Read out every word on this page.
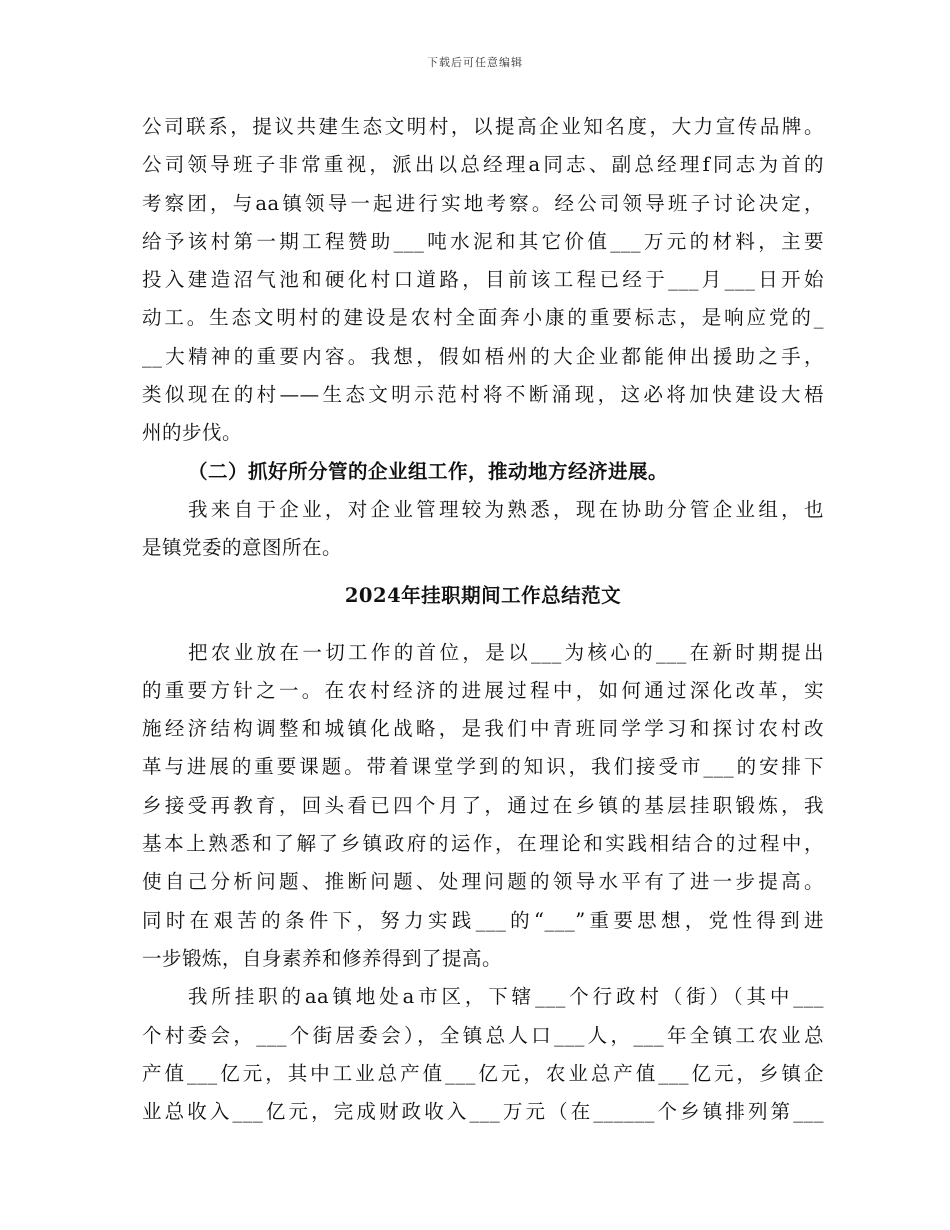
下载后可任意编辑
公司联系，提议共建生态文明村，以提高企业知名度，大力宣传品牌。
公司领导班子非常重视，派出以总经理a同志、副总经理f同志为首的
考察团，与aa镇领导一起进行实地考察。经公司领导班子讨论决定，
给予该村第一期工程赞助___吨水泥和其它价值___万元的材料，主要
投入建造沼气池和硬化村口道路，目前该工程已经于___月___日开始
动工。生态文明村的建设是农村全面奔小康的重要标志，是响应党的_
__大精神的重要内容。我想，假如梧州的大企业都能伸出援助之手，
类似现在的村——生态文明示范村将不断涌现，这必将加快建设大梧
州的步伐。
（二）抓好所分管的企业组工作，推动地方经济进展。
我来自于企业，对企业管理较为熟悉，现在协助分管企业组，也
是镇党委的意图所在。
2024年挂职期间工作总结范文
把农业放在一切工作的首位，是以___为核心的___在新时期提出
的重要方针之一。在农村经济的进展过程中，如何通过深化改革，实
施经济结构调整和城镇化战略，是我们中青班同学学习和探讨农村改
革与进展的重要课题。带着课堂学到的知识，我们接受市___的安排下
乡接受再教育，回头看已四个月了，通过在乡镇的基层挂职锻炼，我
基本上熟悉和了解了乡镇政府的运作，在理论和实践相结合的过程中，
使自己分析问题、推断问题、处理问题的领导水平有了进一步提高。
同时在艰苦的条件下，努力实践___的“___”重要思想，党性得到进
一步锻炼，自身素养和修养得到了提高。
我所挂职的aa镇地处a市区，下辖___个行政村（街）（其中___
个村委会，___个街居委会），全镇总人口___人，___年全镇工农业总
产值___亿元，其中工业总产值___亿元，农业总产值___亿元，乡镇企
业总收入___亿元，完成财政收入___万元（在______个乡镇排列第___
